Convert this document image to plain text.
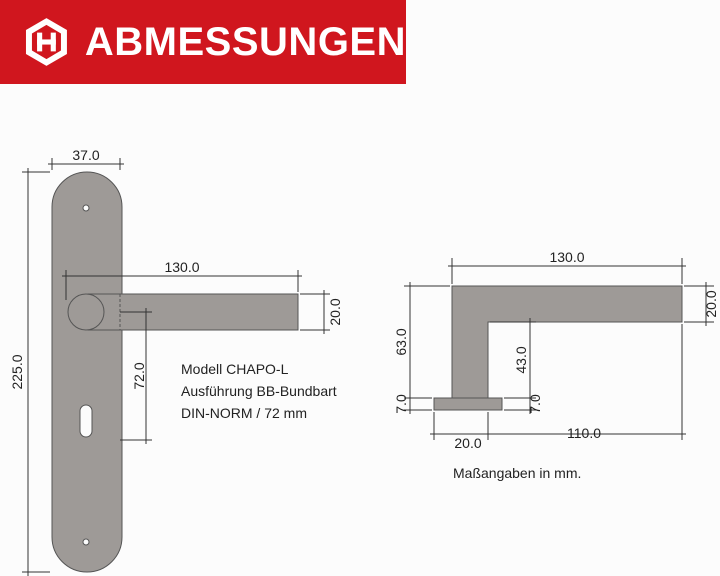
ABMESSUNGEN
37.0
225.0
130.0
20.0
72.0
130.0
20.0
63.0
7.0
43.0
7.0
20.0
110.0
Modell CHAPO-L
Ausführung BB-Bundbart
DIN-NORM / 72 mm
Maßangaben in mm.
